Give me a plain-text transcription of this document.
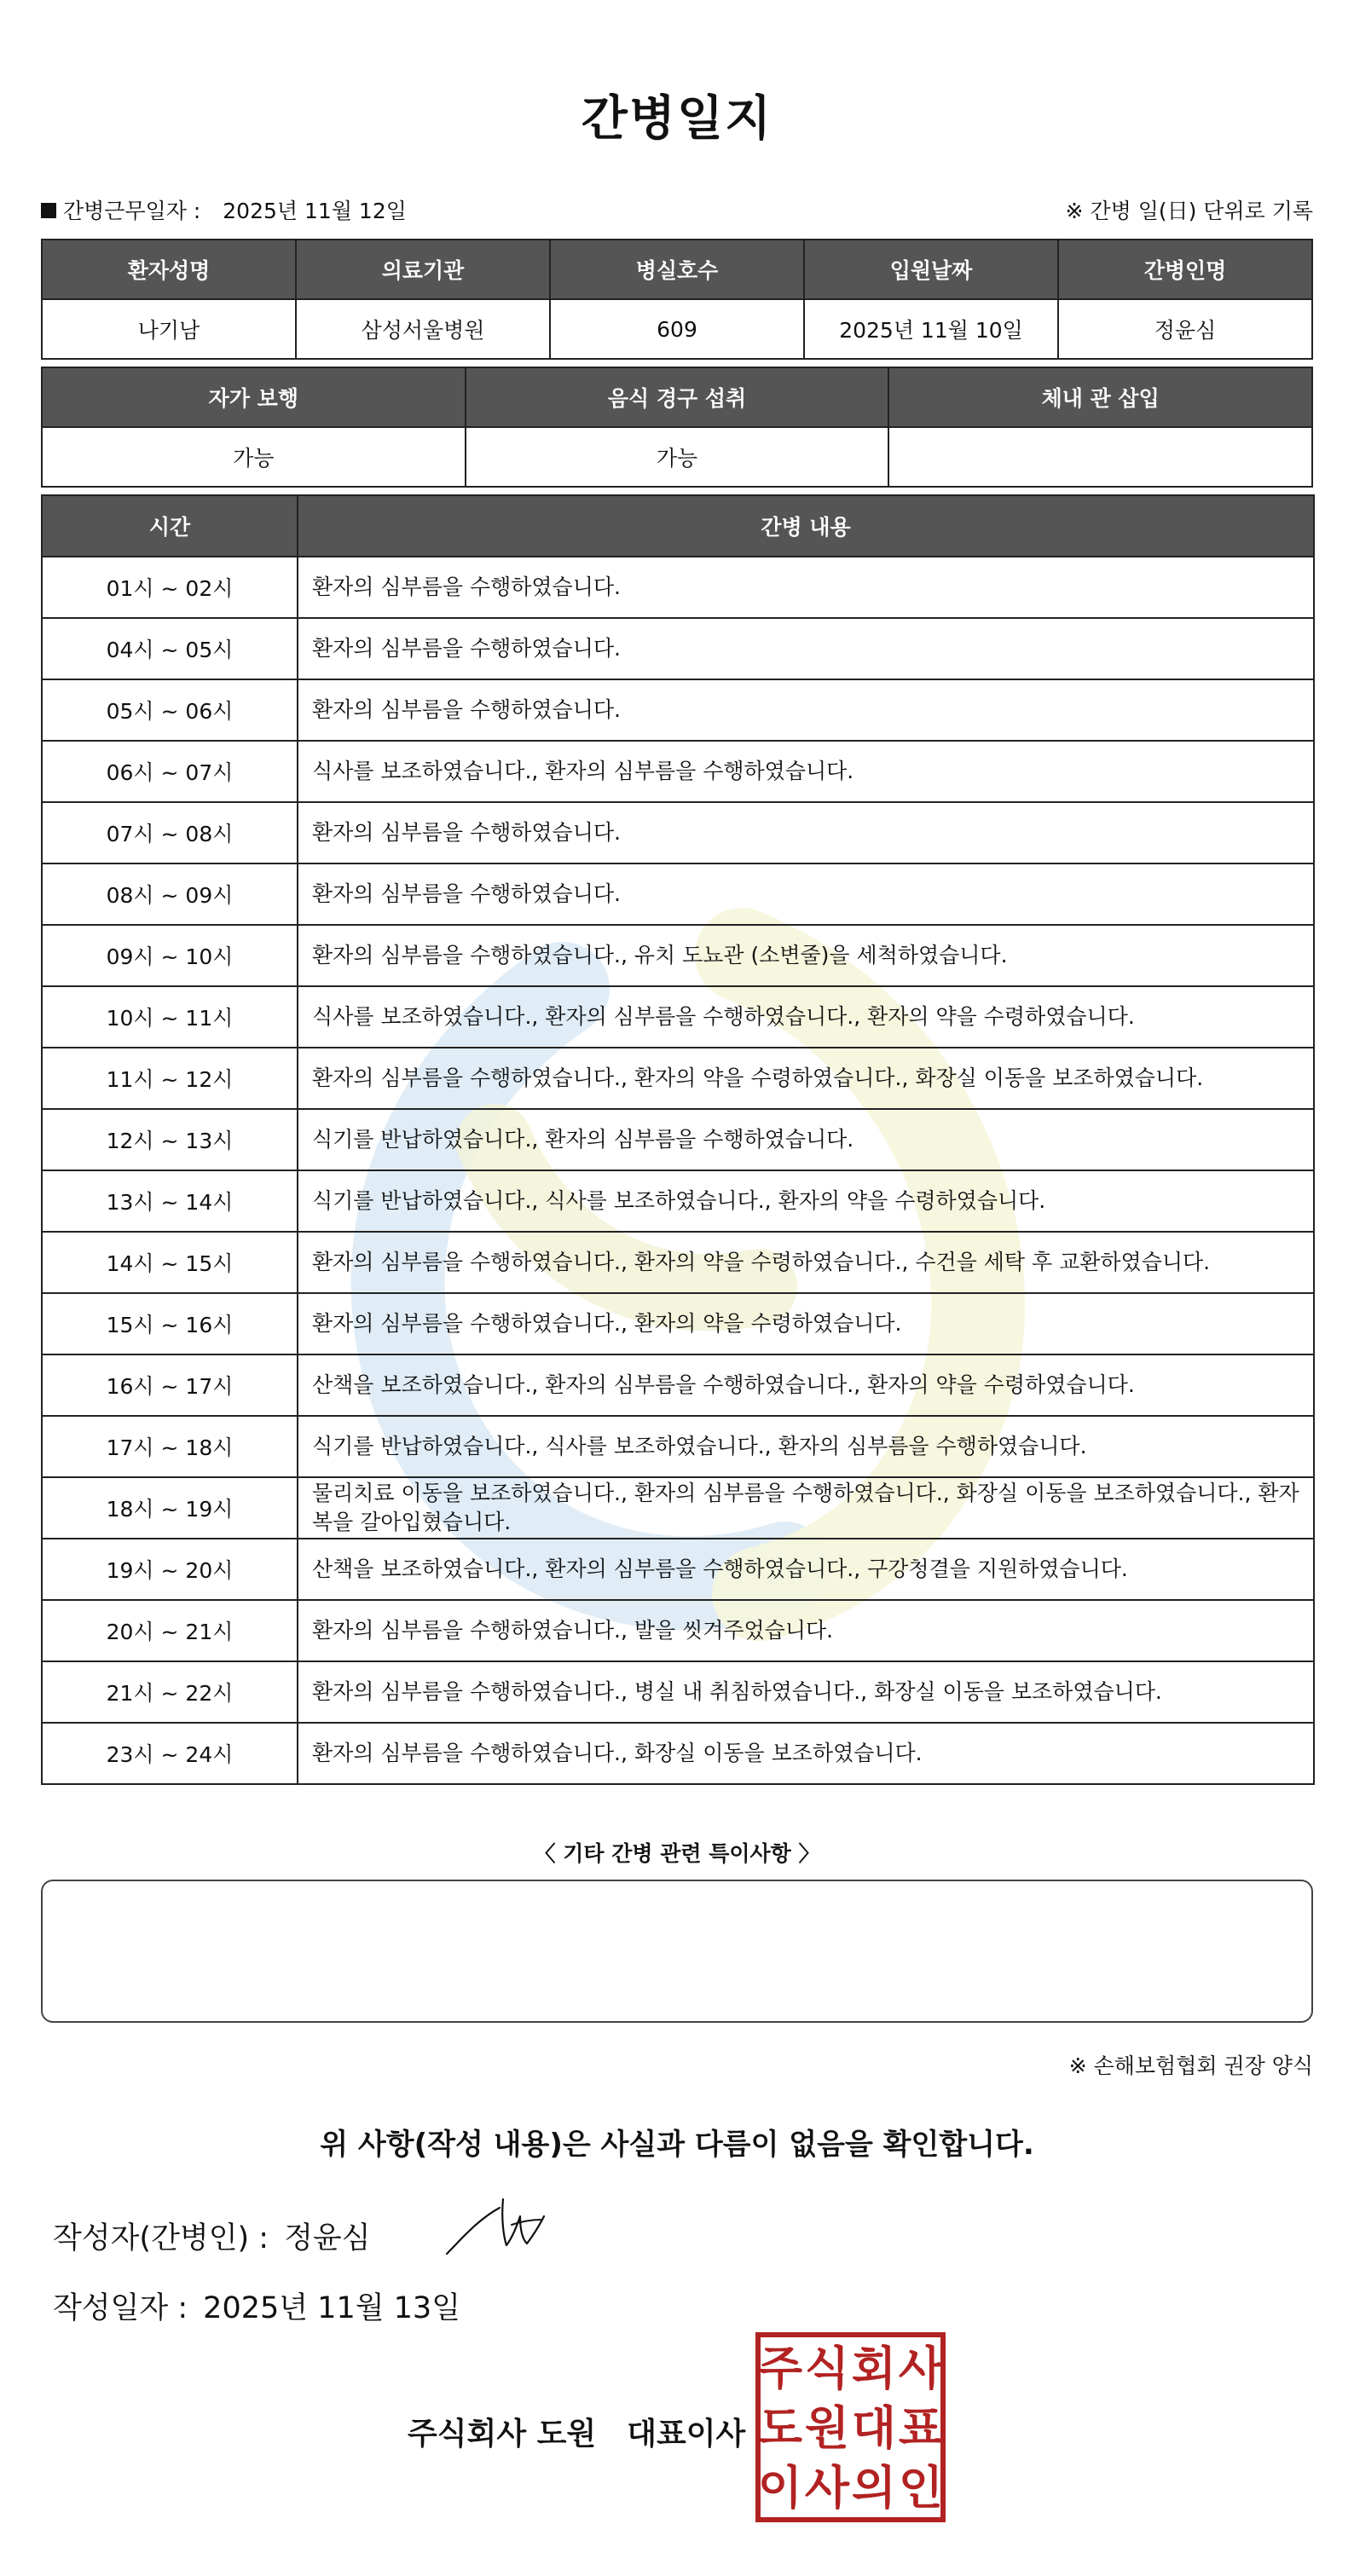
간병일지
간병근무일자 : 2025년 11월 12일	※ 간병 일(日) 단위로 기록
환자성명	의료기관	병실호수	입원날짜	간병인명
나기남	삼성서울병원	609	2025년 11월 10일	정윤심
자가 보행	음식 경구 섭취	체내 관 삽입
가능	가능	
시간	간병 내용
01시 ~ 02시	환자의 심부름을 수행하였습니다.
04시 ~ 05시	환자의 심부름을 수행하였습니다.
05시 ~ 06시	환자의 심부름을 수행하였습니다.
06시 ~ 07시	식사를 보조하였습니다., 환자의 심부름을 수행하였습니다.
07시 ~ 08시	환자의 심부름을 수행하였습니다.
08시 ~ 09시	환자의 심부름을 수행하였습니다.
09시 ~ 10시	환자의 심부름을 수행하였습니다., 유치 도뇨관 (소변줄)을 세척하였습니다.
10시 ~ 11시	식사를 보조하였습니다., 환자의 심부름을 수행하였습니다., 환자의 약을 수령하였습니다.
11시 ~ 12시	환자의 심부름을 수행하였습니다., 환자의 약을 수령하였습니다., 화장실 이동을 보조하였습니다.
12시 ~ 13시	식기를 반납하였습니다., 환자의 심부름을 수행하였습니다.
13시 ~ 14시	식기를 반납하였습니다., 식사를 보조하였습니다., 환자의 약을 수령하였습니다.
14시 ~ 15시	환자의 심부름을 수행하였습니다., 환자의 약을 수령하였습니다., 수건을 세탁 후 교환하였습니다.
15시 ~ 16시	환자의 심부름을 수행하였습니다., 환자의 약을 수령하였습니다.
16시 ~ 17시	산책을 보조하였습니다., 환자의 심부름을 수행하였습니다., 환자의 약을 수령하였습니다.
17시 ~ 18시	식기를 반납하였습니다., 식사를 보조하였습니다., 환자의 심부름을 수행하였습니다.
18시 ~ 19시	물리치료 이동을 보조하였습니다., 환자의 심부름을 수행하였습니다., 화장실 이동을 보조하였습니다., 환자 복을 갈아입혔습니다.
19시 ~ 20시	산책을 보조하였습니다., 환자의 심부름을 수행하였습니다., 구강청결을 지원하였습니다.
20시 ~ 21시	환자의 심부름을 수행하였습니다., 발을 씻겨주었습니다.
21시 ~ 22시	환자의 심부름을 수행하였습니다., 병실 내 취침하였습니다., 화장실 이동을 보조하였습니다.
23시 ~ 24시	환자의 심부름을 수행하였습니다., 화장실 이동을 보조하였습니다.
〈 기타 간병 관련 특이사항 〉
※ 손해보험협회 권장 양식
위 사항(작성 내용)은 사실과 다름이 없음을 확인합니다.
작성자(간병인) : 정윤심
작성일자 : 2025년 11월 13일
주식회사 도원 대표이사
주 식 회 사
도 원 대 표
이 사 의 인
